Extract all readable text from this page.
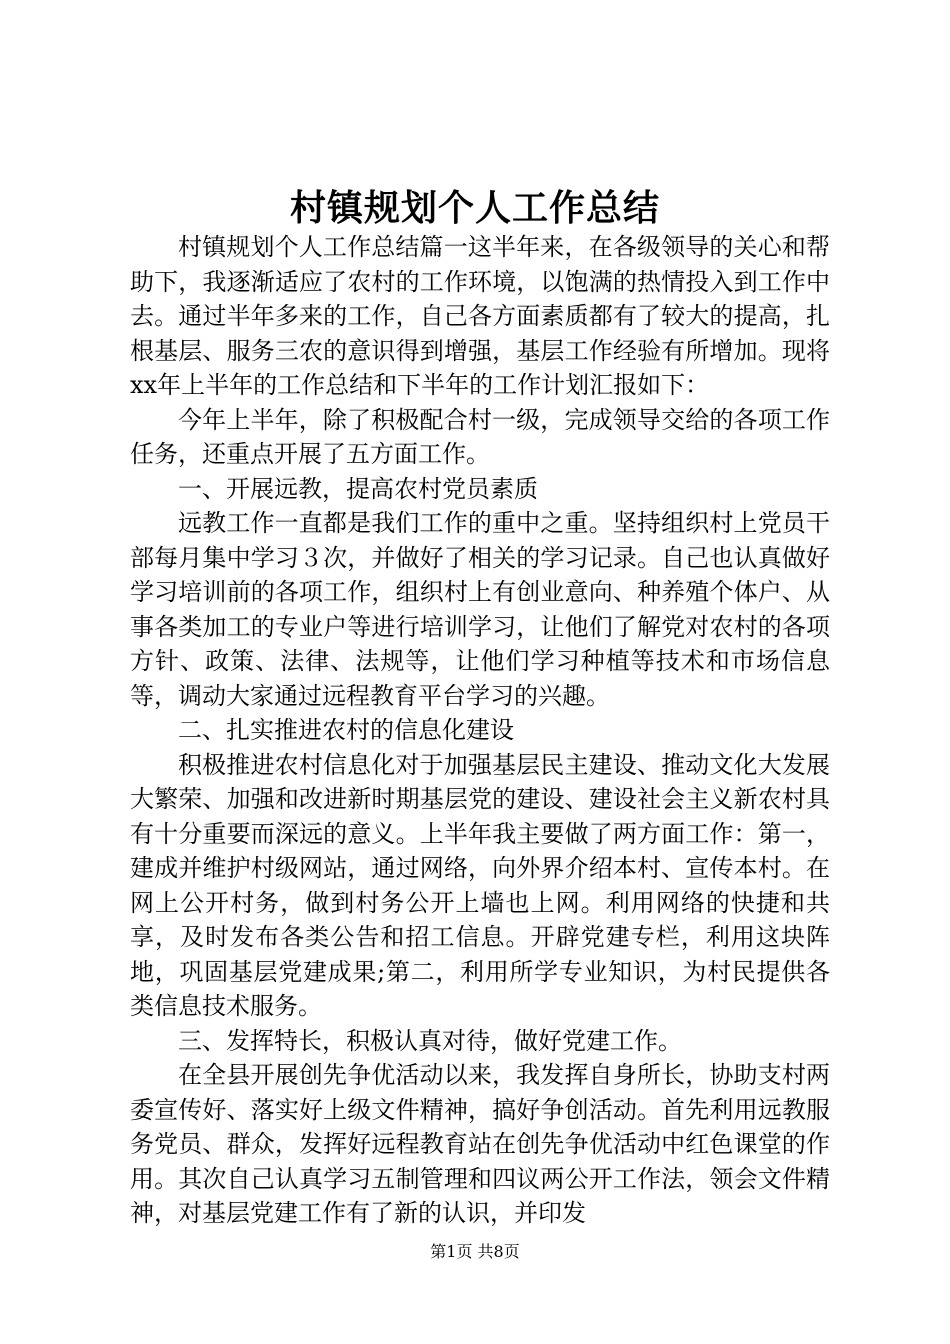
村镇规划个人工作总结

村镇规划个人工作总结篇一这半年来，在各级领导的关心和帮助下，我逐渐适应了农村的工作环境，以饱满的热情投入到工作中去。通过半年多来的工作，自己各方面素质都有了较大的提高，扎根基层、服务三农的意识得到增强，基层工作经验有所增加。现将xx年上半年的工作总结和下半年的工作计划汇报如下：

今年上半年，除了积极配合村一级，完成领导交给的各项工作任务，还重点开展了五方面工作。

一、开展远教，提高农村党员素质

远教工作一直都是我们工作的重中之重。坚持组织村上党员干部每月集中学习３次，并做好了相关的学习记录。自己也认真做好学习培训前的各项工作，组织村上有创业意向、种养殖个体户、从事各类加工的专业户等进行培训学习，让他们了解党对农村的各项方针、政策、法律、法规等，让他们学习种植等技术和市场信息等，调动大家通过远程教育平台学习的兴趣。

二、扎实推进农村的信息化建设

积极推进农村信息化对于加强基层民主建设、推动文化大发展大繁荣、加强和改进新时期基层党的建设、建设社会主义新农村具有十分重要而深远的意义。上半年我主要做了两方面工作：第一，建成并维护村级网站，通过网络，向外界介绍本村、宣传本村。在网上公开村务，做到村务公开上墙也上网。利用网络的快捷和共享，及时发布各类公告和招工信息。开辟党建专栏，利用这块阵地，巩固基层党建成果;第二，利用所学专业知识，为村民提供各类信息技术服务。

三、发挥特长，积极认真对待，做好党建工作。

在全县开展创先争优活动以来，我发挥自身所长，协助支村两委宣传好、落实好上级文件精神，搞好争创活动。首先利用远教服务党员、群众，发挥好远程教育站在创先争优活动中红色课堂的作用。其次自己认真学习五制管理和四议两公开工作法，领会文件精神，对基层党建工作有了新的认识，并印发

第1页 共8页
